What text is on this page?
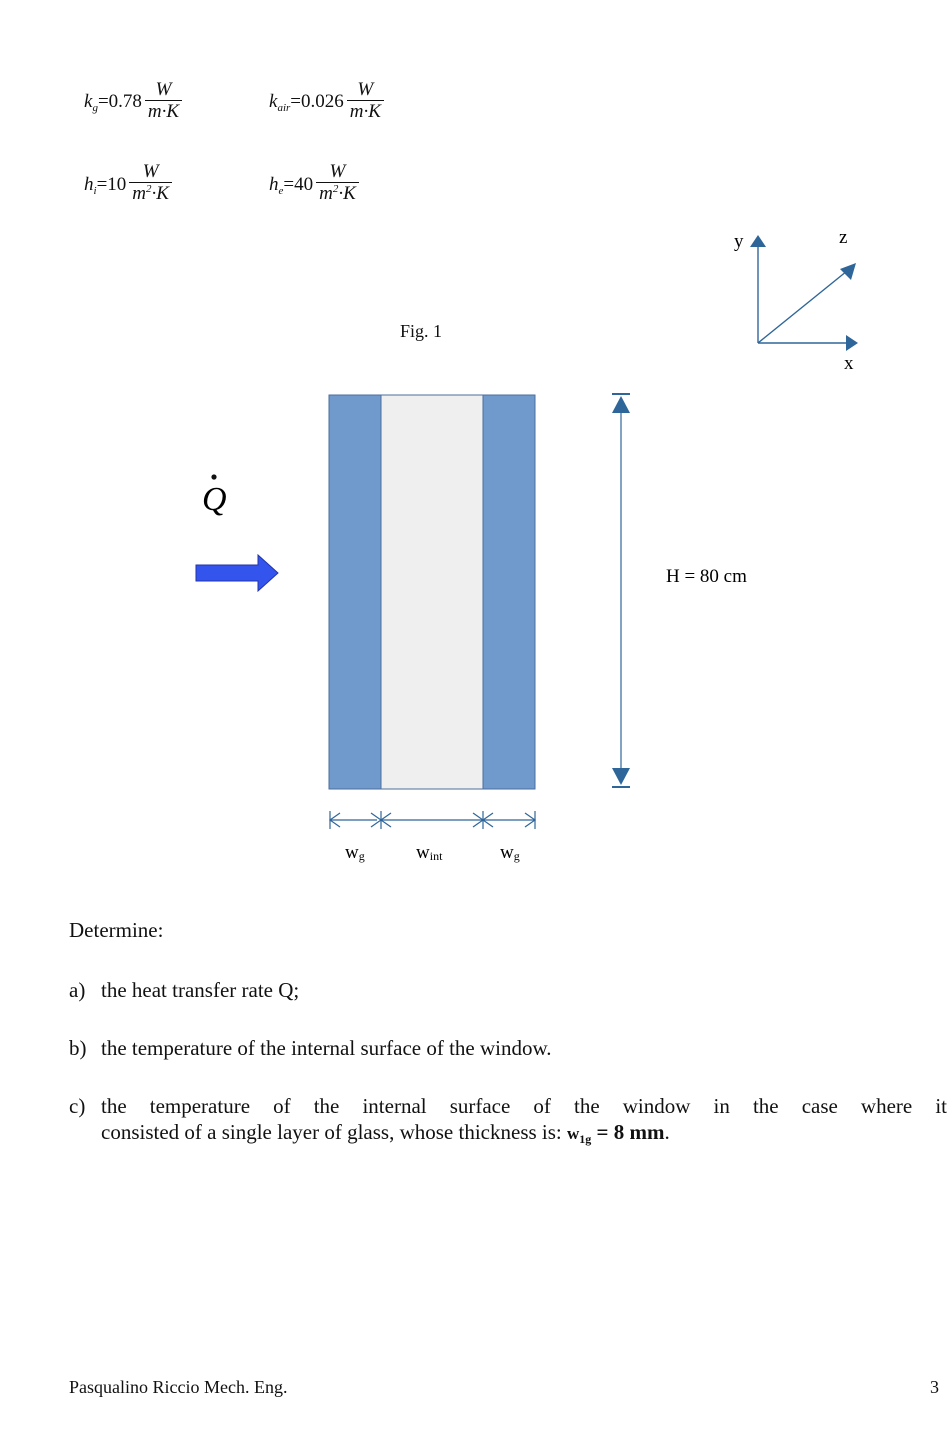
k $g =0.78 \frac{W}{m\cdot K}$	k air $=0.026 \frac{W}{m\cdot K}$
h $i =10 \frac{W}{m^2\cdot K}$	h $e =40 \frac{W}{m^2\cdot K}$
y	z
x
Fig. 1
Q
H = 80 cm
wg	wint	wg
Determine:
a) the heat transfer rate Q;
b) the temperature of the internal surface of the window.
c) the temperature of the internal surface of the window in the case where it
consisted of a single layer of glass, whose thickness is: w1g = 8 mm.
Pasqualino Riccio Mech. Eng.	3
